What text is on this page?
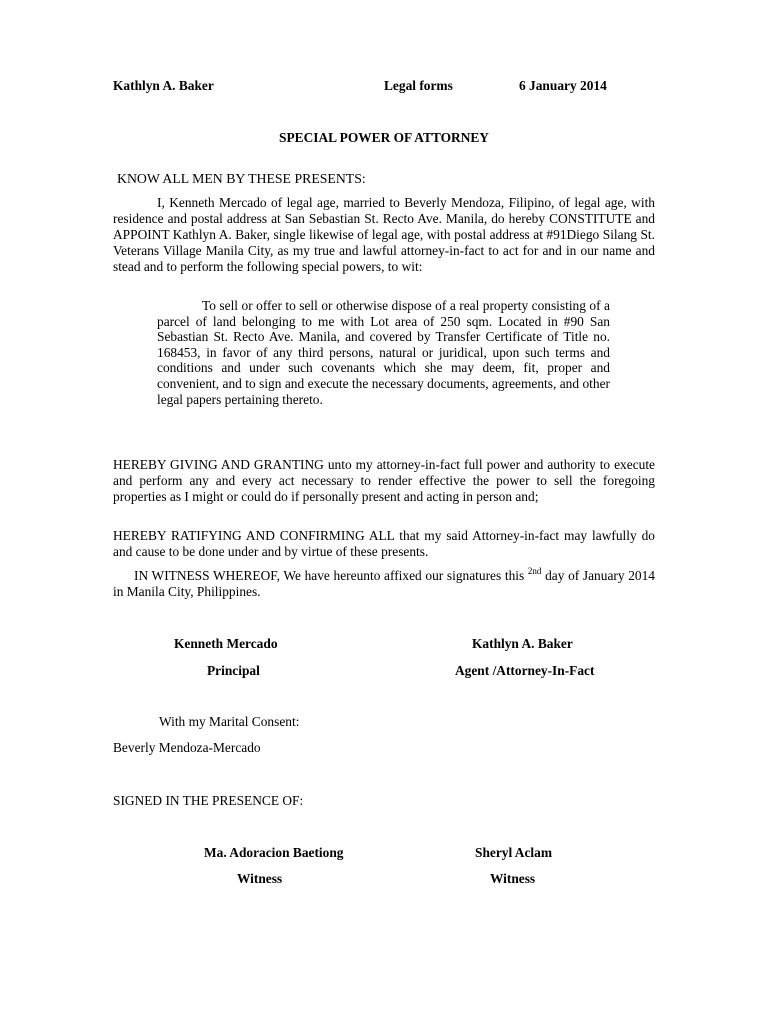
Kathlyn A. Baker	Legal forms	6 January 2014
SPECIAL POWER OF ATTORNEY
KNOW ALL MEN BY THESE PRESENTS:
I, Kenneth Mercado of legal age, married to Beverly Mendoza, Filipino, of legal age, with residence and postal address at San Sebastian St. Recto Ave. Manila, do hereby CONSTITUTE and APPOINT Kathlyn A. Baker, single likewise of legal age, with postal address at #91Diego Silang St. Veterans Village Manila City, as my true and lawful attorney-in-fact to act for and in our name and stead and to perform the following special powers, to wit:
To sell or offer to sell or otherwise dispose of a real property consisting of a parcel of land belonging to me with Lot area of 250 sqm. Located in #90 San Sebastian St. Recto Ave. Manila, and covered by Transfer Certificate of Title no. 168453, in favor of any third persons, natural or juridical, upon such terms and conditions and under such covenants which she may deem, fit, proper and convenient, and to sign and execute the necessary documents, agreements, and other legal papers pertaining thereto.
HEREBY GIVING AND GRANTING unto my attorney-in-fact full power and authority to execute and perform any and every act necessary to render effective the power to sell the foregoing properties as I might or could do if personally present and acting in person and;
HEREBY RATIFYING AND CONFIRMING ALL that my said Attorney-in-fact may lawfully do and cause to be done under and by virtue of these presents.
IN WITNESS WHEREOF, We have hereunto affixed our signatures this $^{2nd}$ day of January 2014 in Manila City, Philippines.
Kenneth Mercado	Kathlyn A. Baker
Principal	Agent /Attorney-In-Fact
With my Marital Consent:
Beverly Mendoza-Mercado
SIGNED IN THE PRESENCE OF:
Ma. Adoracion Baetiong	Sheryl Aclam
Witness	Witness
